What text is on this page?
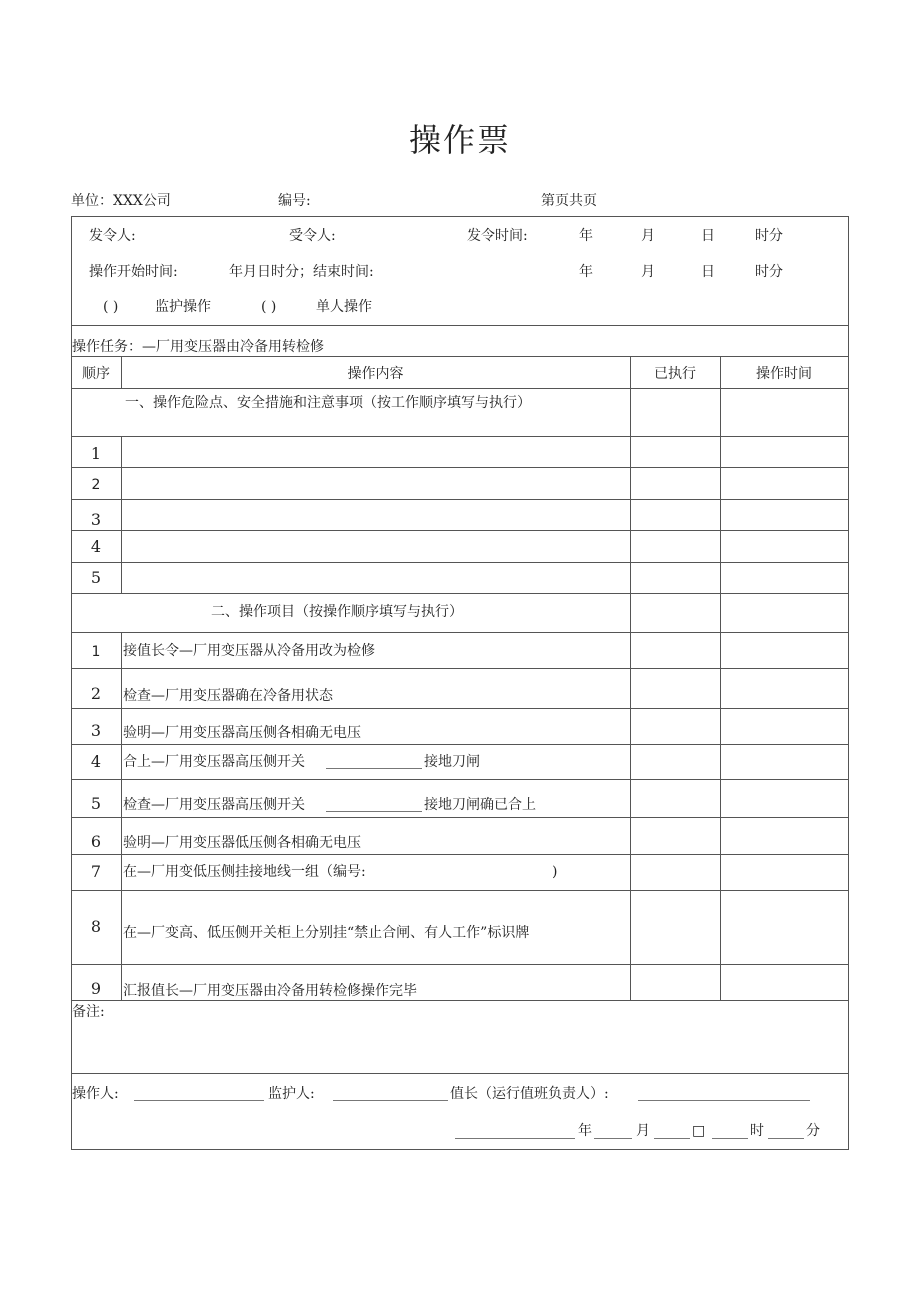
操作票
单位：XXX公司	编号:	第页共页
发令人:	受令人:	发令时间:	年	月	日	时分
操作开始时间:	年月日时分；结束时间:	年	月	日	时分
( )	监护操作	( )	单人操作
操作任务：—厂用变压器由冷备用转检修
顺序	操作内容	已执行	操作时间
一、操作危险点、安全措施和注意事项（按工作顺序填写与执行）
1
2
3
4
5
二、操作项目（按操作顺序填写与执行）
1	接值长令—厂用变压器从冷备用改为检修
2	检查—厂用变压器确在冷备用状态
3	验明—厂用变压器高压侧各相确无电压
4	合上—厂用变压器高压侧开关	接地刀闸
5	检查—厂用变压器高压侧开关	接地刀闸确已合上
6	验明—厂用变压器低压侧各相确无电压
7	在—厂用变低压侧挂接地线一组（编号:	)
8	在—厂变高、低压侧开关柜上分别挂“禁止合闸、有人工作”标识牌
9	汇报值长—厂用变压器由冷备用转检修操作完毕
备注:
操作人:	监护人:	值长（运行值班负责人）:
年	月	□	时	分
